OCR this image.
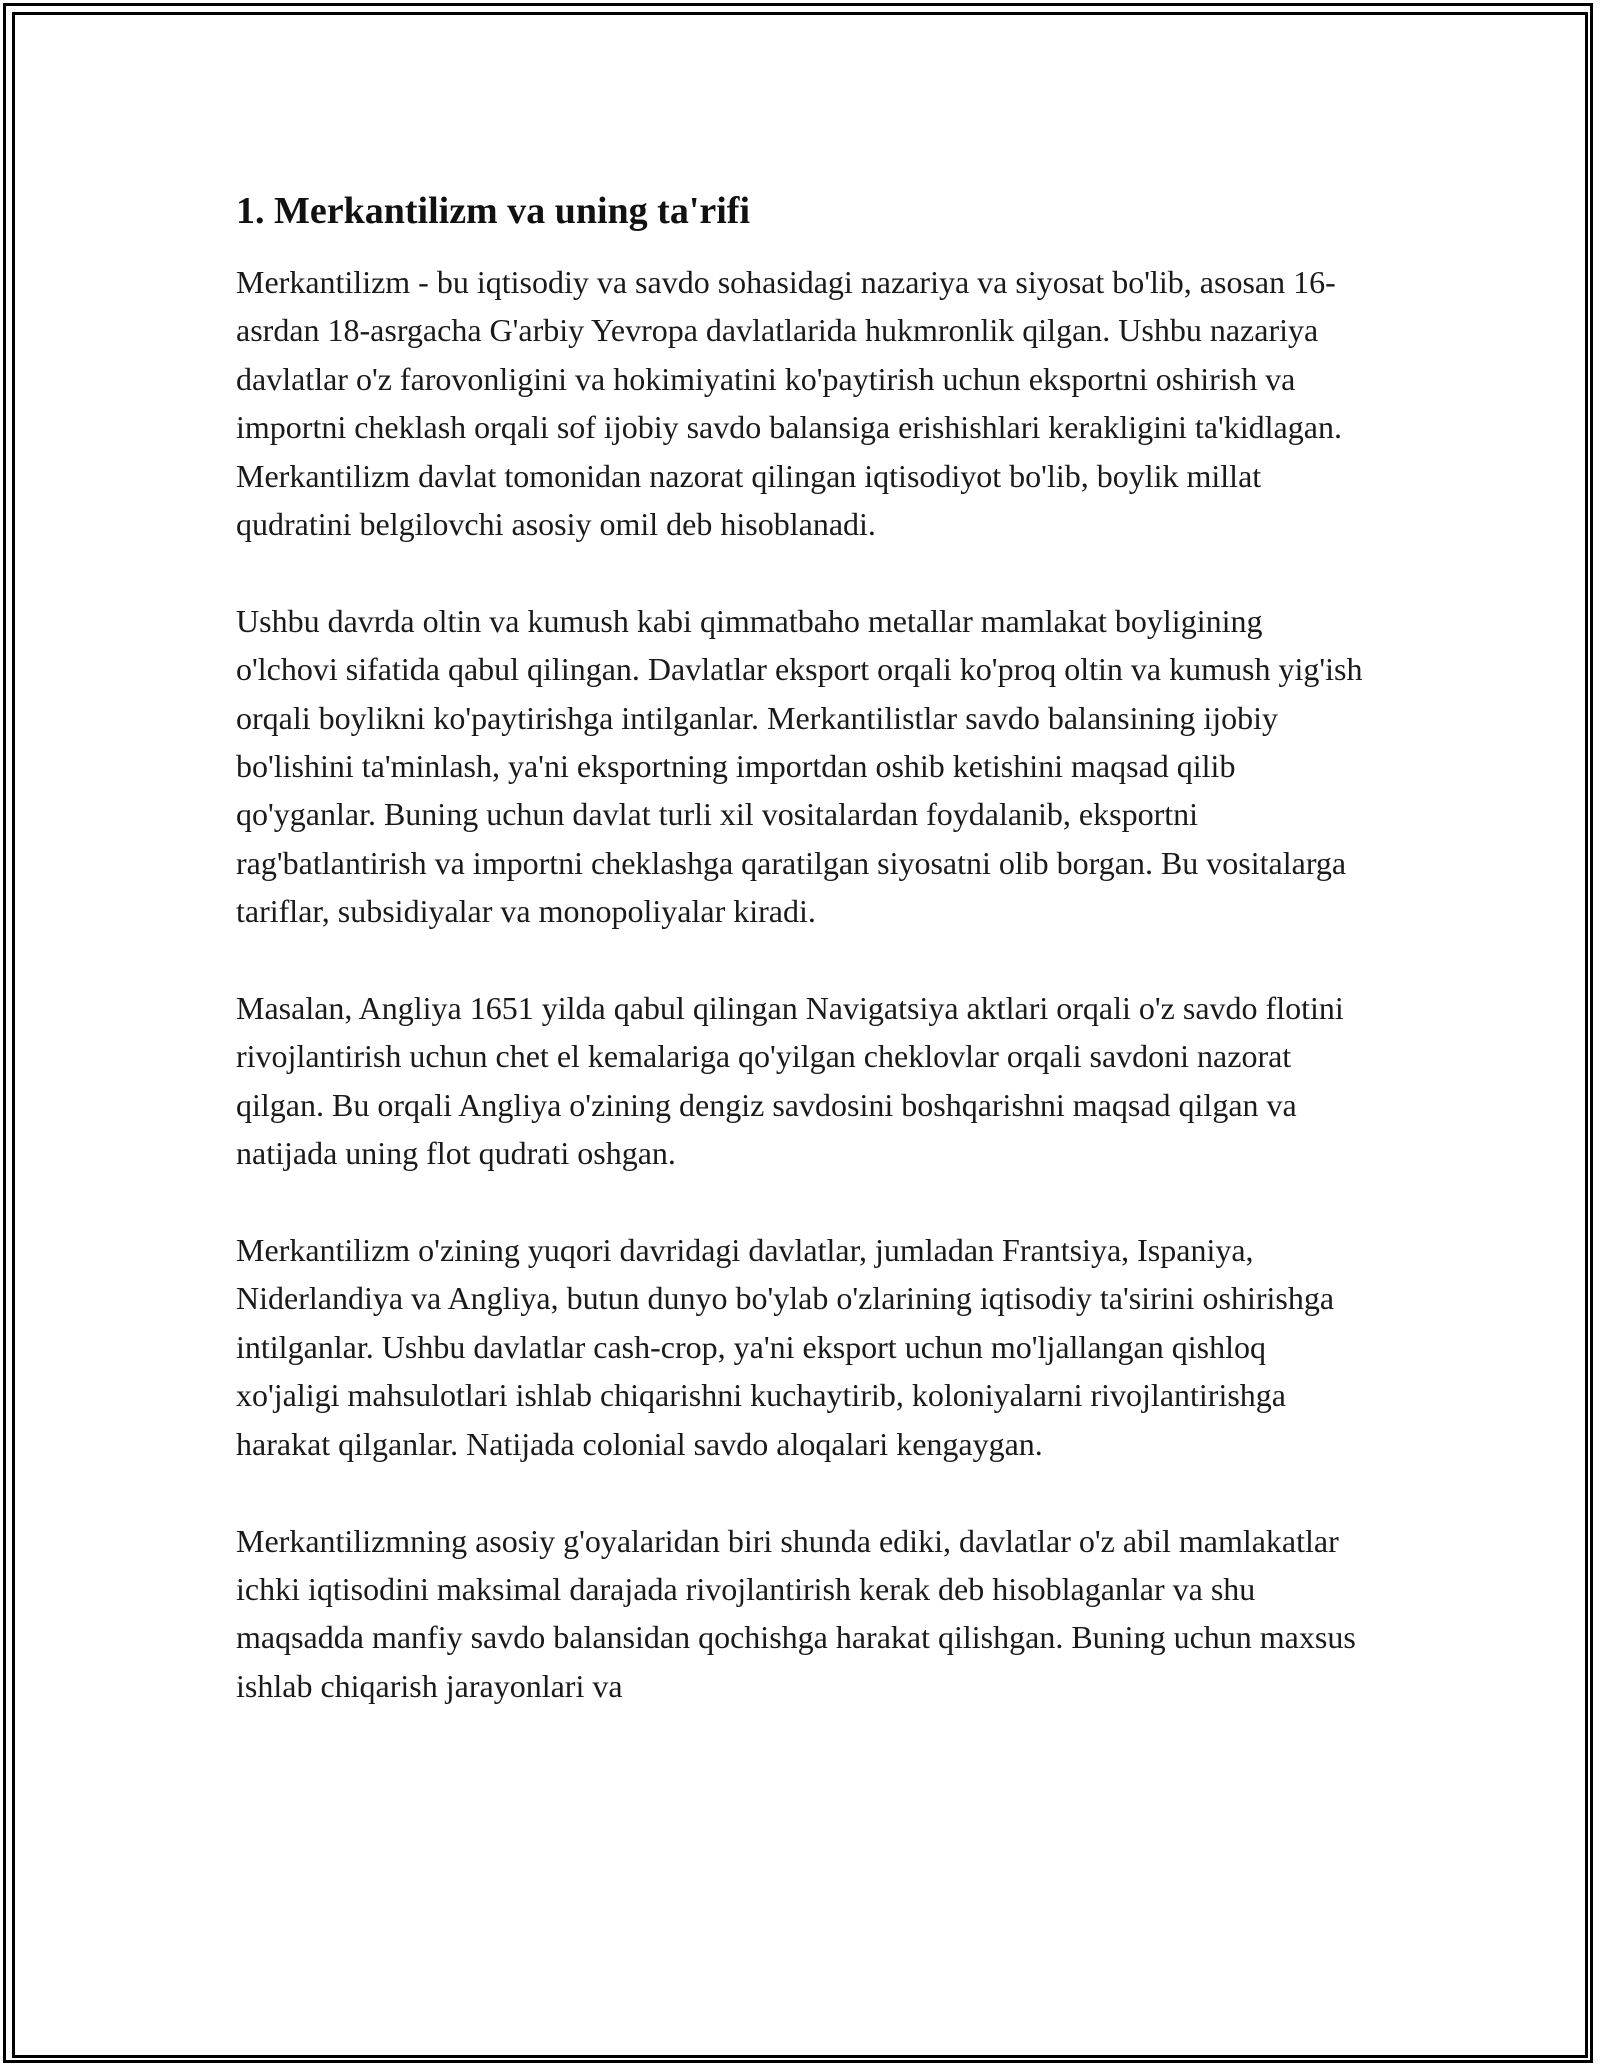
1. Merkantilizm va uning ta'rifi

Merkantilizm - bu iqtisodiy va savdo sohasidagi nazariya va siyosat bo'lib, asosan 16-asrdan 18-asrgacha G'arbiy Yevropa davlatlarida hukmronlik qilgan. Ushbu nazariya davlatlar o'z farovonligini va hokimiyatini ko'paytirish uchun eksportni oshirish va importni cheklash orqali sof ijobiy savdo balansiga erishishlari kerakligini ta'kidlagan. Merkantilizm davlat tomonidan nazorat qilingan iqtisodiyot bo'lib, boylik millat qudratini belgilovchi asosiy omil deb hisoblanadi.

Ushbu davrda oltin va kumush kabi qimmatbaho metallar mamlakat boyligining o'lchovi sifatida qabul qilingan. Davlatlar eksport orqali ko'proq oltin va kumush yig'ish orqali boylikni ko'paytirishga intilganlar. Merkantilistlar savdo balansining ijobiy bo'lishini ta'minlash, ya'ni eksportning importdan oshib ketishini maqsad qilib qo'yganlar. Buning uchun davlat turli xil vositalardan foydalanib, eksportni rag'batlantirish va importni cheklashga qaratilgan siyosatni olib borgan. Bu vositalarga tariflar, subsidiyalar va monopoliyalar kiradi.

Masalan, Angliya 1651 yilda qabul qilingan Navigatsiya aktlari orqali o'z savdo flotini rivojlantirish uchun chet el kemalariga qo'yilgan cheklovlar orqali savdoni nazorat qilgan. Bu orqali Angliya o'zining dengiz savdosini boshqarishni maqsad qilgan va natijada uning flot qudrati oshgan.

Merkantilizm o'zining yuqori davridagi davlatlar, jumladan Frantsiya, Ispaniya, Niderlandiya va Angliya, butun dunyo bo'ylab o'zlarining iqtisodiy ta'sirini oshirishga intilganlar. Ushbu davlatlar cash-crop, ya'ni eksport uchun mo'ljallangan qishloq xo'jaligi mahsulotlari ishlab chiqarishni kuchaytirib, koloniyalarni rivojlantirishga harakat qilganlar. Natijada colonial savdo aloqalari kengaygan.

Merkantilizmning asosiy g'oyalaridan biri shunda ediki, davlatlar o'z abil mamlakatlar ichki iqtisodini maksimal darajada rivojlantirish kerak deb hisoblaganlar va shu maqsadda manfiy savdo balansidan qochishga harakat qilishgan. Buning uchun maxsus ishlab chiqarish jarayonlari va
